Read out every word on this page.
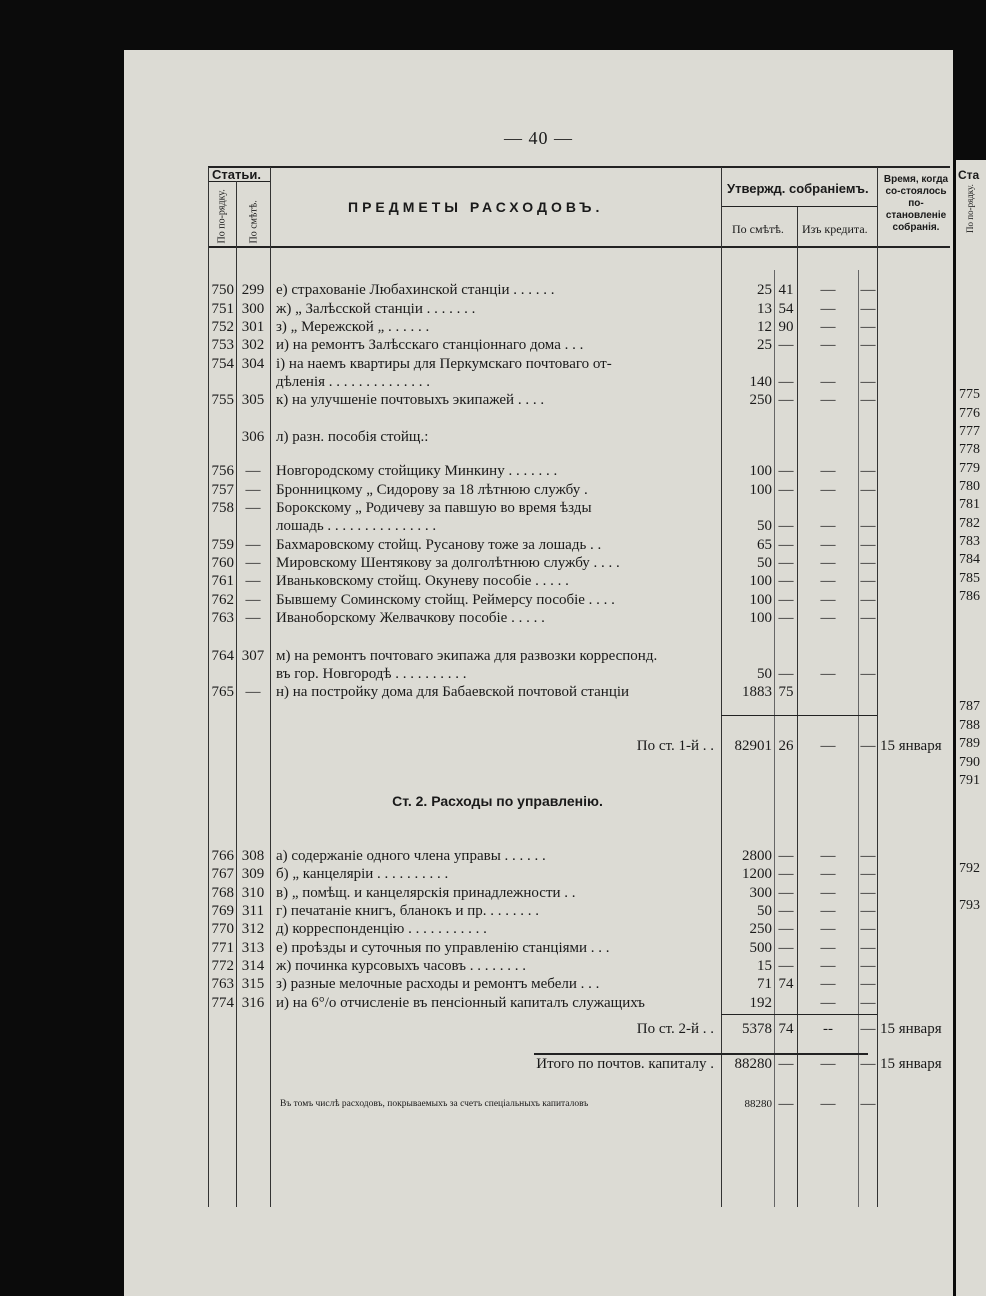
— 40 —
Статьи.
По по-рядку. По смѣтѣ.	ПРЕДМЕТЫ РАСХОДОВЪ.
Утвержд. собраніемъ.
По смѣтѣ. Изъ кредита.
Время, когда со-стоялось по-становленіе собранія.
750 299 е) страхованіе Любахинской станціи . . . . . .	25 41	—	—
751 300 ж) „ Залѣсской станціи . . . . . . .	13 54	—	—
752 301 з) „ Мережской „ . . . . . .	12 90	—	—
753 302 и) на ремонтъ Залѣсскаго станціоннаго дома . . .	25 —	—	—
754 304 і) на наемъ квартиры для Перкумскаго почтоваго от-
дѣленія . . . . . . . . . . . . . .	140 —	—	—
755 305 к) на улучшеніе почтовыхъ экипажей . . . .	250 —	—	—
306 л) разн. пособія стойщ.:
756 —	Новгородскому стойщику Минкину . . . . . . .	100 —	—	—
757 —	Бронницкому „ Сидорову за 18 лѣтнюю службу .	100 —	—	—
758 —	Борокскому „ Родичеву за павшую во время ѣзды
лошадь . . . . . . . . . . . . . . .	50 —	—	—
759 —	Бахмаровскому стойщ. Русанову тоже за лошадь . .	65 —	—	—
760 —	Мировскому Шентякову за долголѣтнюю службу . . . .	50 —	—	—
761 —	Иваньковскому стойщ. Окуневу пособіе . . . . .	100 —	—	—
762 —	Бывшему Соминскому стойщ. Реймерсу пособіе . . . .	100 —	—	—
763 —	Иваноборскому Желвачкову пособіе . . . . .	100 —	—	—
764 307 м) на ремонтъ почтоваго экипажа для развозки корреспонд.
въ гор. Новгородѣ . . . . . . . . . .	50 —	—	—
765 —	н) на постройку дома для Бабаевской почтовой станціи	1883 75
По ст. 1-й . .	82901 26	—	— 15 января
Ст. 2. Расходы по управленію.
766 308 а) содержаніе одного члена управы . . . . . .	2800 —	—	—
767 309 б) „ канцеляріи . . . . . . . . . .	1200 —	—	—
768 310 в) „ помѣщ. и канцелярскія принадлежности . .	300 —	—	—
769 311 г) печатаніе книгъ, бланокъ и пр. . . . . . . .	50 —	—	—
770 312 д) корреспонденцію . . . . . . . . . . .	250 —	—	—
771 313 е) проѣзды и суточныя по управленію станціями . . .	500 —	—	—
772 314 ж) починка курсовыхъ часовъ . . . . . . . .	15 —	—	—
763 315 з) разные мелочные расходы и ремонтъ мебели . . .	71 74	—	—
774 316 и) на 6°/о отчисленіе въ пенсіонный капиталъ служащихъ	192	—	—
По ст. 2-й . .	5378 74	--	— 15 января
Итого по почтов. капиталу .	88280 —	—	— 15 января
Въ томъ числѣ расходовъ, покрываемыхъ за счетъ спеціальныхъ капиталовъ	88280 —	—	—
Ста
По по-рядку.
775
776
777
778
779
780
781
782
783
784
785
786
787
788
789
790
791
792
793
